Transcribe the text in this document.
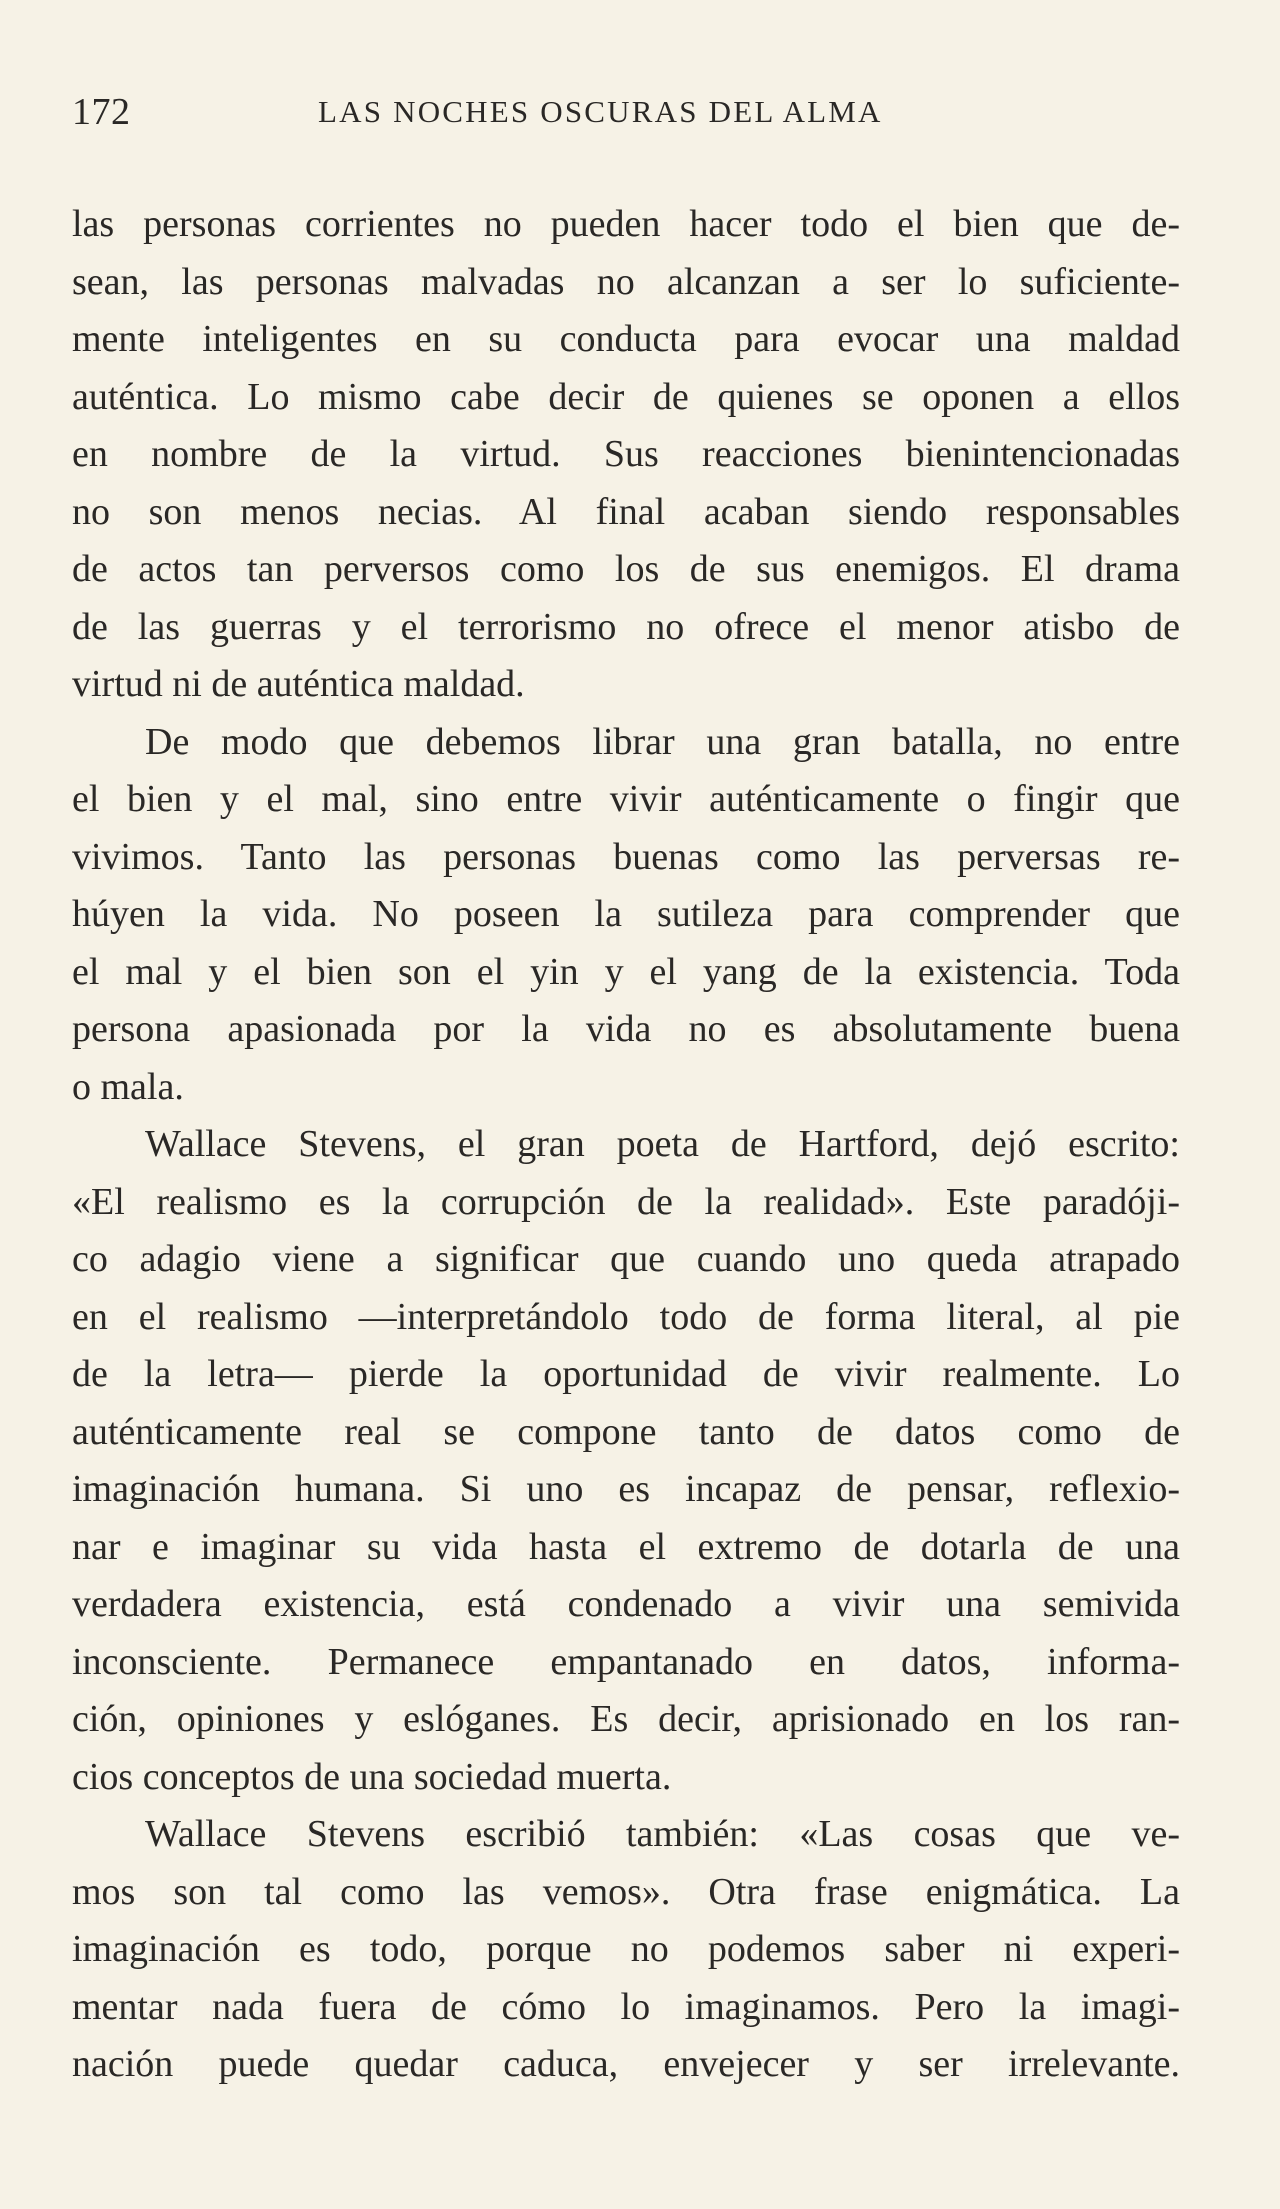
172	LAS NOCHES OSCURAS DEL ALMA
las personas corrientes no pueden hacer todo el bien que de-
sean, las personas malvadas no alcanzan a ser lo suficiente-
mente inteligentes en su conducta para evocar una maldad
auténtica. Lo mismo cabe decir de quienes se oponen a ellos
en nombre de la virtud. Sus reacciones bienintencionadas
no son menos necias. Al final acaban siendo responsables
de actos tan perversos como los de sus enemigos. El drama
de las guerras y el terrorismo no ofrece el menor atisbo de
virtud ni de auténtica maldad.
De modo que debemos librar una gran batalla, no entre
el bien y el mal, sino entre vivir auténticamente o fingir que
vivimos. Tanto las personas buenas como las perversas re-
húyen la vida. No poseen la sutileza para comprender que
el mal y el bien son el yin y el yang de la existencia. Toda
persona apasionada por la vida no es absolutamente buena
o mala.
Wallace Stevens, el gran poeta de Hartford, dejó escrito:
«El realismo es la corrupción de la realidad». Este paradóji-
co adagio viene a significar que cuando uno queda atrapado
en el realismo —interpretándolo todo de forma literal, al pie
de la letra— pierde la oportunidad de vivir realmente. Lo
auténticamente real se compone tanto de datos como de
imaginación humana. Si uno es incapaz de pensar, reflexio-
nar e imaginar su vida hasta el extremo de dotarla de una
verdadera existencia, está condenado a vivir una semivida
inconsciente. Permanece empantanado en datos, informa-
ción, opiniones y eslóganes. Es decir, aprisionado en los ran-
cios conceptos de una sociedad muerta.
Wallace Stevens escribió también: «Las cosas que ve-
mos son tal como las vemos». Otra frase enigmática. La
imaginación es todo, porque no podemos saber ni experi-
mentar nada fuera de cómo lo imaginamos. Pero la imagi-
nación puede quedar caduca, envejecer y ser irrelevante.
